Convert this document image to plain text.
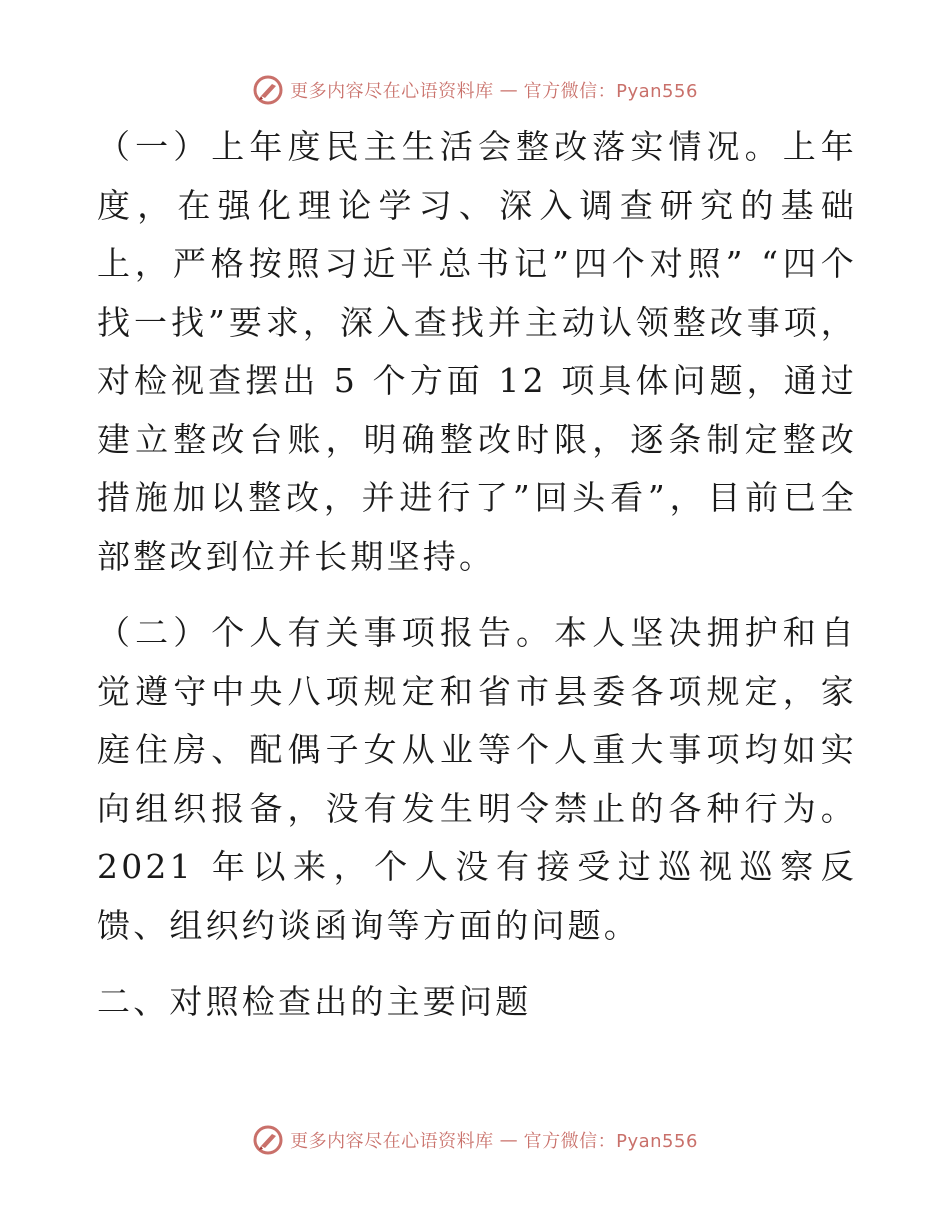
更多内容尽在心语资料库 — 官方微信：Pyan556

（一）上年度民主生活会整改落实情况。上年度，在强化理论学习、深入调查研究的基础上，严格按照习近平总书记”四个对照” “四个找一找”要求，深入查找并主动认领整改事项，对检视查摆出 5 个方面 12 项具体问题，通过建立整改台账，明确整改时限，逐条制定整改措施加以整改，并进行了”回头看”，目前已全部整改到位并长期坚持。

（二）个人有关事项报告。本人坚决拥护和自觉遵守中央八项规定和省市县委各项规定，家庭住房、配偶子女从业等个人重大事项均如实向组织报备，没有发生明令禁止的各种行为。2021 年以来，个人没有接受过巡视巡察反馈、组织约谈函询等方面的问题。

二、对照检查出的主要问题

更多内容尽在心语资料库 — 官方微信：Pyan556
